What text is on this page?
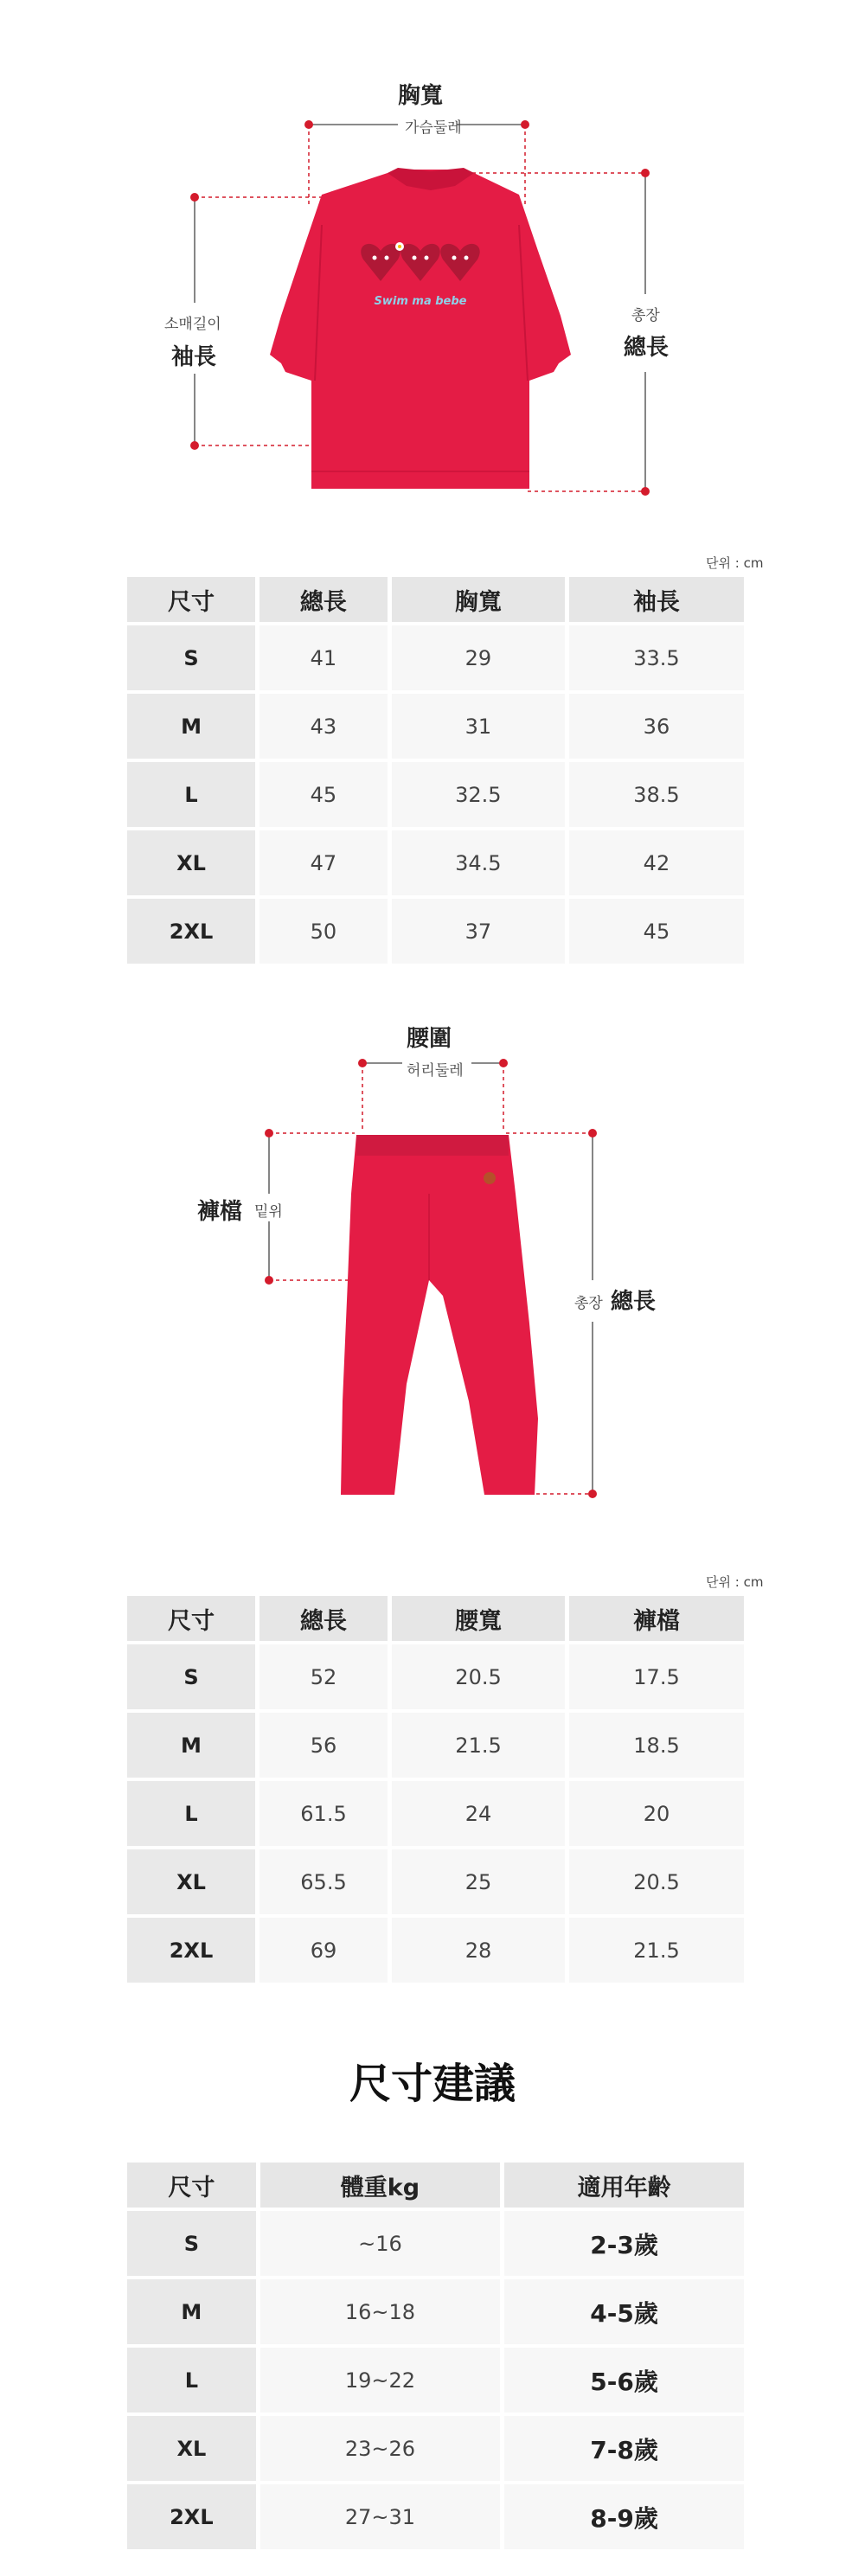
胸寬
가슴둘레
소매길이
袖長
총장
總長
Swim ma bebe
단위 : cm
尺寸	總長	胸寬	袖長
S	41	29	33.5
M	43	31	36
L	45	32.5	38.5
XL	47	34.5	42
2XL	50	37	45
腰圍
허리둘레
褲檔 밑위
총장 總長
단위 : cm
尺寸	總長	腰寬	褲檔
S	52	20.5	17.5
M	56	21.5	18.5
L	61.5	24	20
XL	65.5	25	20.5
2XL	69	28	21.5
尺寸建議
尺寸	體重kg	適用年齡
S	~16	2-3歲
M	16~18	4-5歲
L	19~22	5-6歲
XL	23~26	7-8歲
2XL	27~31	8-9歲
